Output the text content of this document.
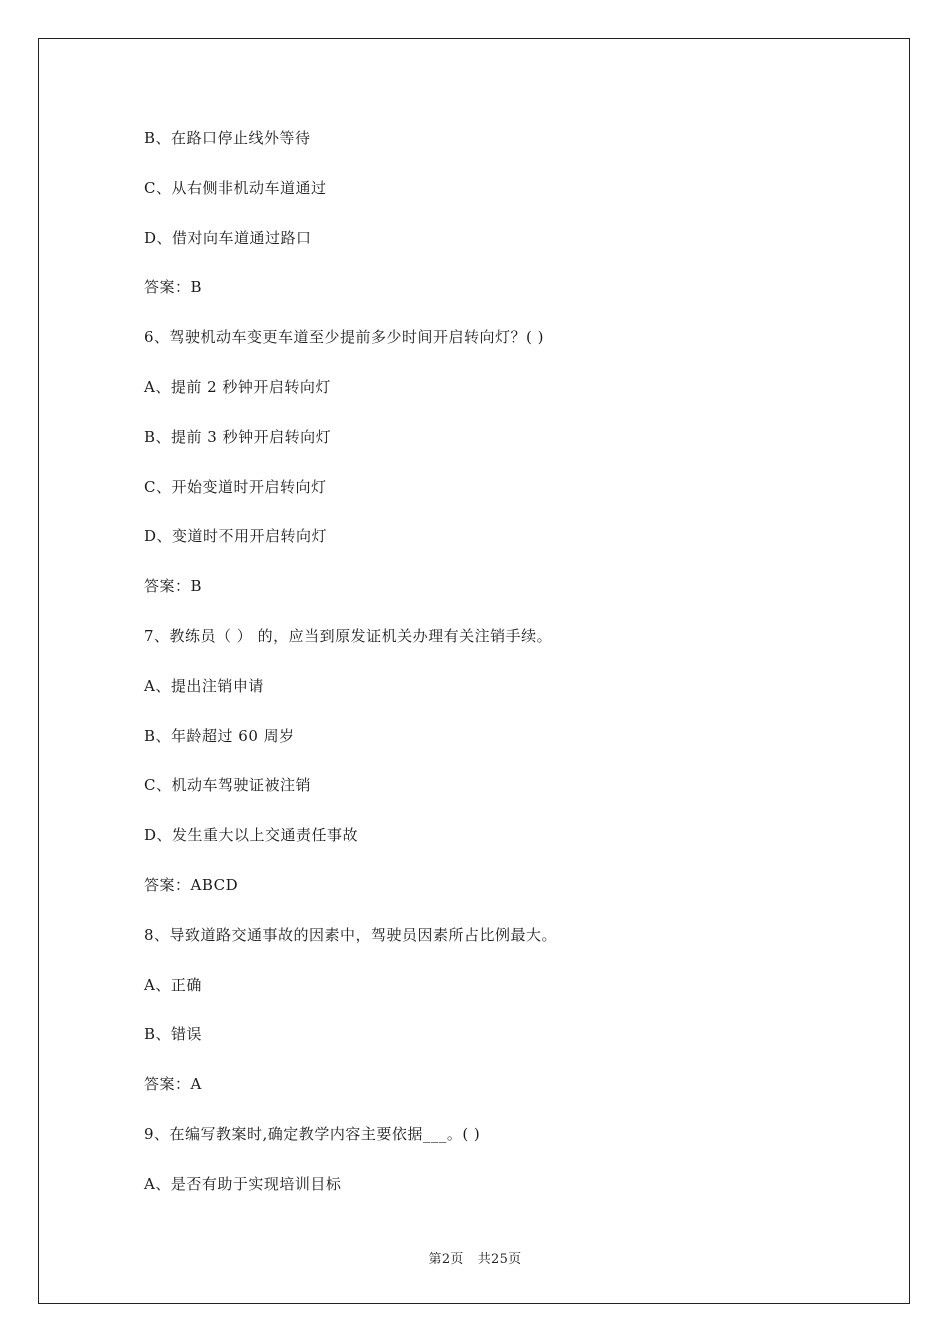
B、在路口停止线外等待
C、从右侧非机动车道通过
D、借对向车道通过路口
答案：B
6、驾驶机动车变更车道至少提前多少时间开启转向灯？( )
A、提前 2 秒钟开启转向灯
B、提前 3 秒钟开启转向灯
C、开始变道时开启转向灯
D、变道时不用开启转向灯
答案：B
7、教练员（ ） 的，应当到原发证机关办理有关注销手续。
A、提出注销申请
B、年龄超过 60 周岁
C、机动车驾驶证被注销
D、发生重大以上交通责任事故
答案：ABCD
8、导致道路交通事故的因素中，驾驶员因素所占比例最大。
A、正确
B、错误
答案：A
9、在编写教案时,确定教学内容主要依据___。( )
A、是否有助于实现培训目标
第2页 共25页
